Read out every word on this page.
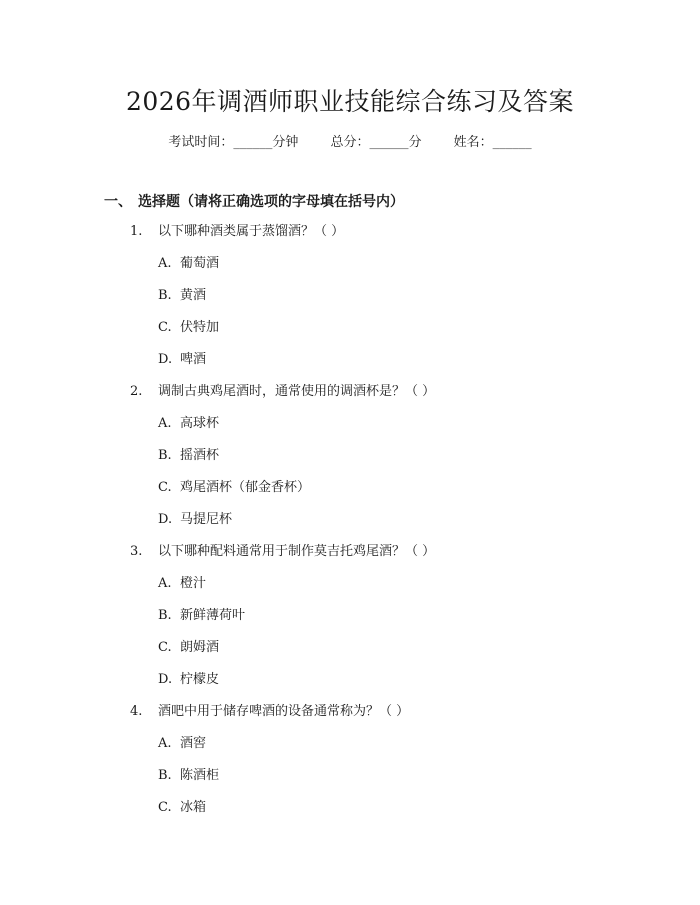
2026年调酒师职业技能综合练习及答案
考试时间：______分钟 总分：______分 姓名：______
一、 选择题（请将正确选项的字母填在括号内）
1. 以下哪种酒类属于蒸馏酒？（ ）
A. 葡萄酒
B. 黄酒
C. 伏特加
D. 啤酒
2. 调制古典鸡尾酒时，通常使用的调酒杯是？（ ）
A. 高球杯
B. 摇酒杯
C. 鸡尾酒杯（郁金香杯）
D. 马提尼杯
3. 以下哪种配料通常用于制作莫吉托鸡尾酒？（ ）
A. 橙汁
B. 新鲜薄荷叶
C. 朗姆酒
D. 柠檬皮
4. 酒吧中用于储存啤酒的设备通常称为？（ ）
A. 酒窖
B. 陈酒柜
C. 冰箱
